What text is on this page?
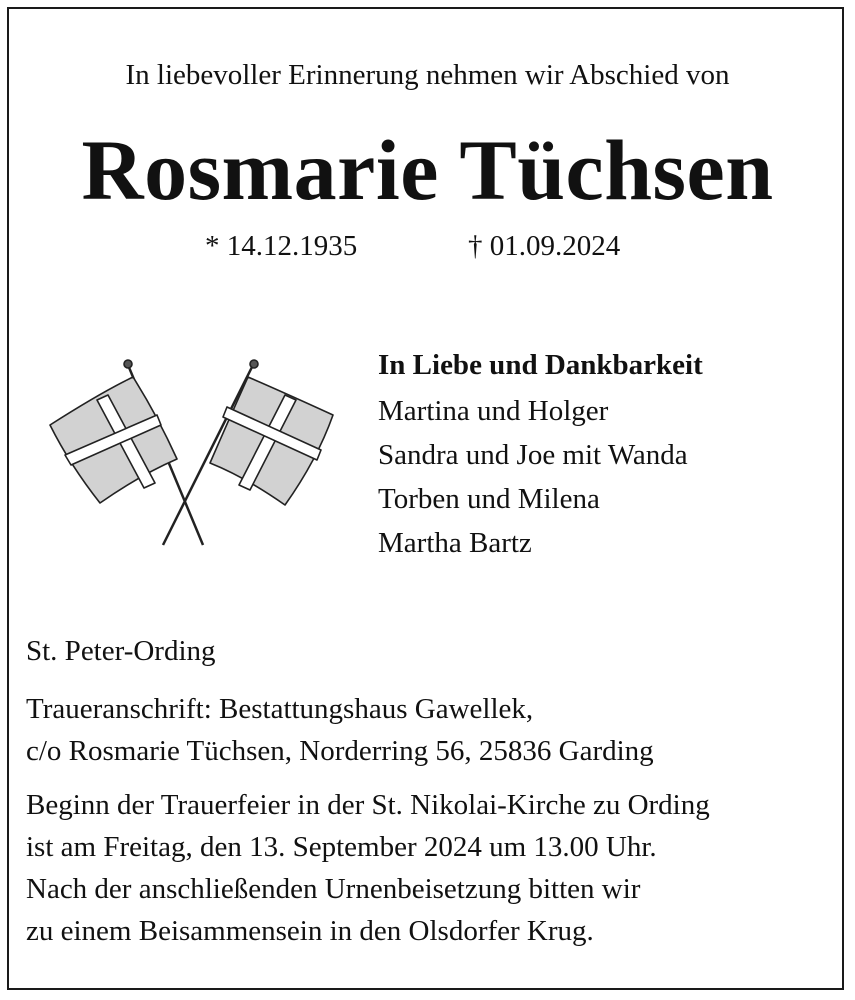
In liebevoller Erinnerung nehmen wir Abschied von
Rosmarie Tüchsen
* 14.12.1935	† 01.09.2024
In Liebe und Dankbarkeit
Martina und Holger
Sandra und Joe mit Wanda
Torben und Milena
Martha Bartz
St. Peter-Ording
Traueranschrift: Bestattungshaus Gawellek,
c/o Rosmarie Tüchsen, Norderring 56, 25836 Garding
Beginn der Trauerfeier in der St. Nikolai-Kirche zu Ording
ist am Freitag, den 13. September 2024 um 13.00 Uhr.
Nach der anschließenden Urnenbeisetzung bitten wir
zu einem Beisammensein in den Olsdorfer Krug.
